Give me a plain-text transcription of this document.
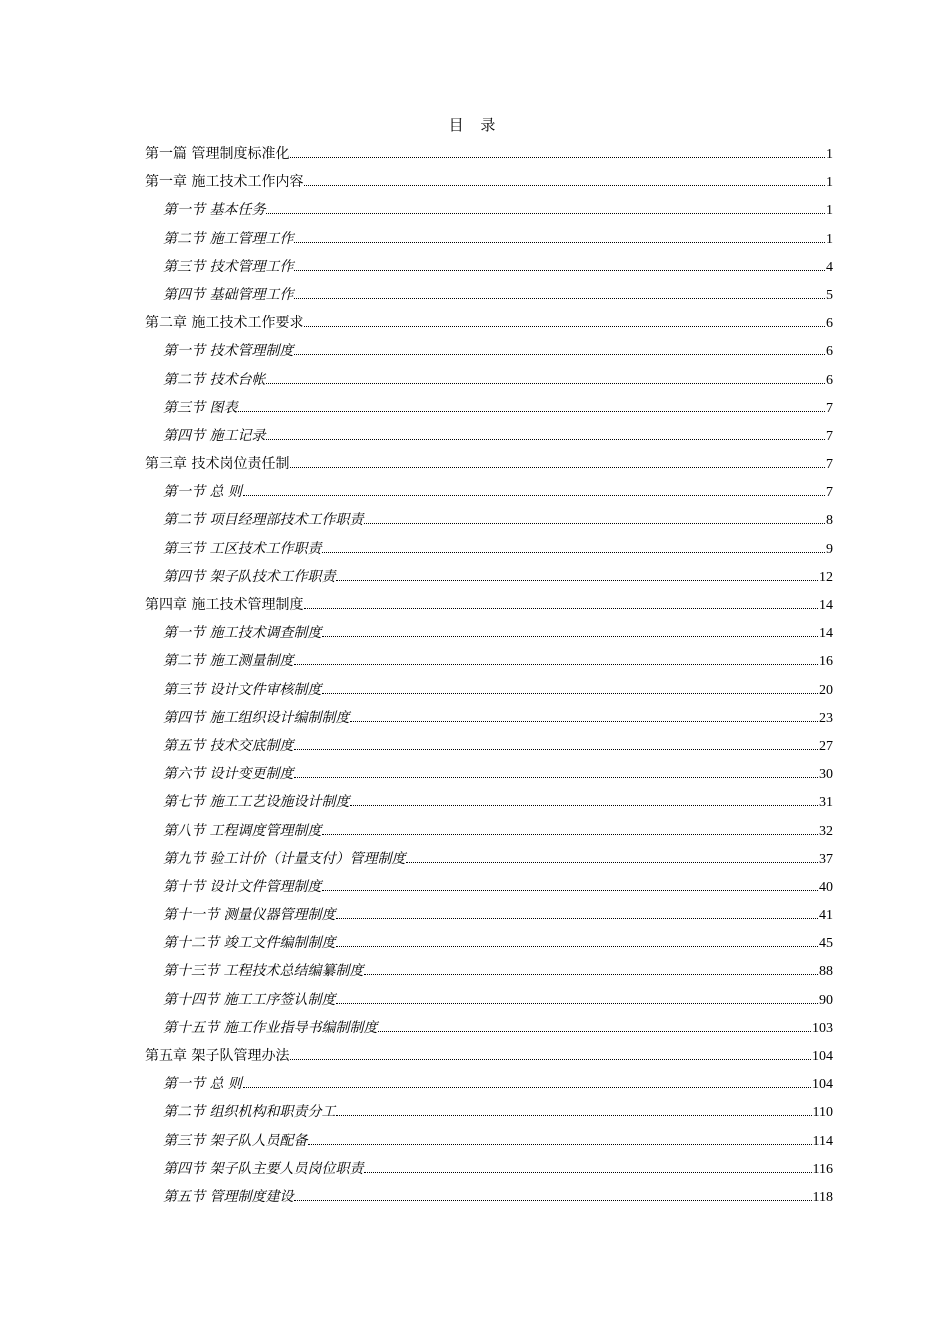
目 录
第一篇 管理制度标准化	1
第一章 施工技术工作内容	1
第一节 基本任务	1
第二节 施工管理工作	1
第三节 技术管理工作	4
第四节 基础管理工作	5
第二章 施工技术工作要求	6
第一节 技术管理制度	6
第二节 技术台帐	6
第三节 图表	7
第四节 施工记录	7
第三章 技术岗位责任制	7
第一节 总 则	7
第二节 项目经理部技术工作职责	8
第三节 工区技术工作职责	9
第四节 架子队技术工作职责	12
第四章 施工技术管理制度	14
第一节 施工技术调查制度	14
第二节 施工测量制度	16
第三节 设计文件审核制度	20
第四节 施工组织设计编制制度	23
第五节 技术交底制度	27
第六节 设计变更制度	30
第七节 施工工艺设施设计制度	31
第八节 工程调度管理制度	32
第九节 验工计价（计量支付）管理制度	37
第十节 设计文件管理制度	40
第十一节 测量仪器管理制度	41
第十二节 竣工文件编制制度	45
第十三节 工程技术总结编纂制度	88
第十四节 施工工序签认制度	90
第十五节 施工作业指导书编制制度	103
第五章 架子队管理办法	104
第一节 总 则	104
第二节 组织机构和职责分工	110
第三节 架子队人员配备	114
第四节 架子队主要人员岗位职责	116
第五节 管理制度建设	118
